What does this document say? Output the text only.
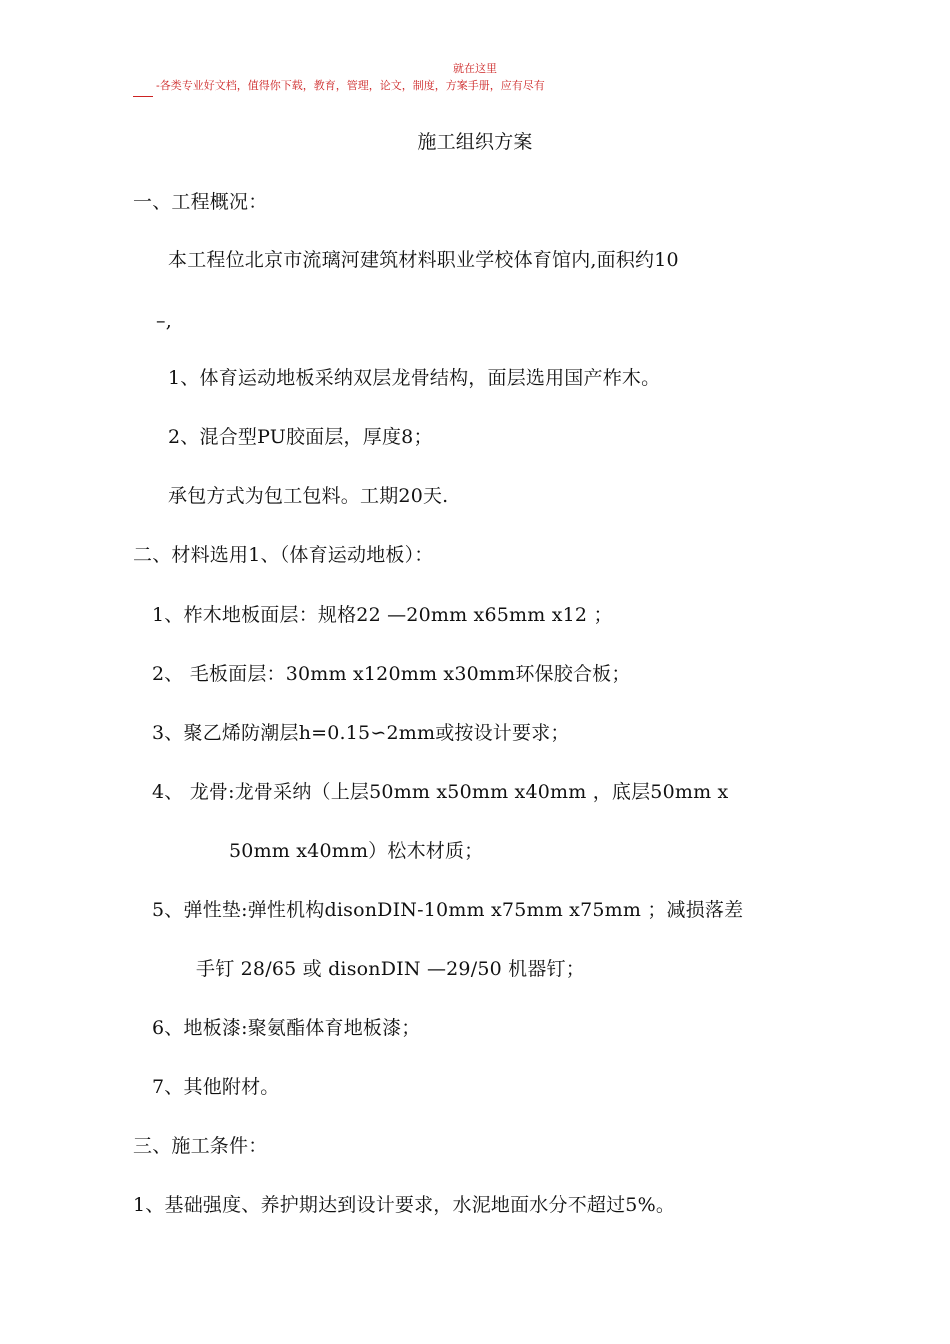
就在这里
-各类专业好文档，值得你下载，教育，管理，论文，制度，方案手册，应有尽有
施工组织方案
一、工程概况：
本工程位北京市流璃河建筑材料职业学校体育馆内,面积约10
–,
1、体育运动地板采纳双层龙骨结构，面层选用国产柞木。
2、混合型PU胶面层，厚度8；
承包方式为包工包料。工期20天.
二、材料选用1、（体育运动地板）：
1、柞木地板面层：规格22 —20mm x65mm x12 ；
2、 毛板面层：30mm x120mm x30mm环保胶合板；
3、聚乙烯防潮层h=0.15∽2mm或按设计要求；
4、 龙骨:龙骨采纳（上层50mm x50mm x40mm ，底层50mm x
50mm x40mm）松木材质；
5、弹性垫:弹性机构disonDIN-10mm x75mm x75mm ；减损落差
手钉 28/65 或 disonDIN —29/50 机器钉；
6、地板漆:聚氨酯体育地板漆；
7、其他附材。
三、施工条件：
1、基础强度、养护期达到设计要求，水泥地面水分不超过5%。
